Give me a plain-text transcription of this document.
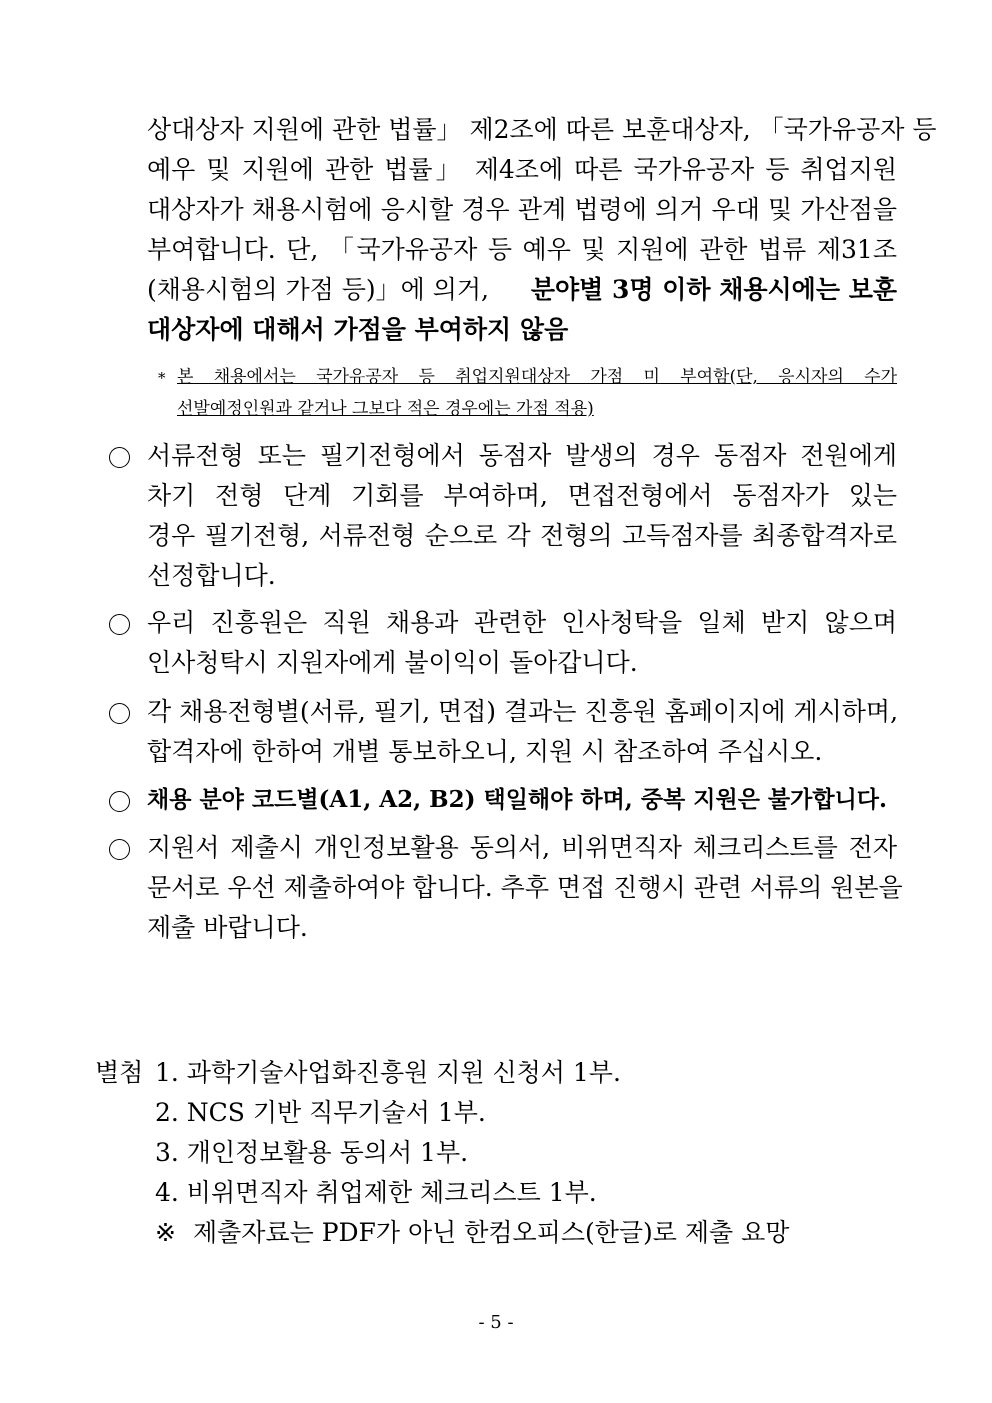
상대상자 지원에 관한 법률」 제2조에 따른 보훈대상자, 「국가유공자 등
예우 및 지원에 관한 법률」 제4조에 따른 국가유공자 등 취업지원
대상자가 채용시험에 응시할 경우 관계 법령에 의거 우대 및 가산점을
부여합니다. 단, 「국가유공자 등 예우 및 지원에 관한 법류 제31조
(채용시험의 가점 등)」에 의거, 분야별 3명 이하 채용시에는 보훈
대상자에 대해서 가점을 부여하지 않음
* 본 채용에서는 국가유공자 등 취업지원대상자 가점 미 부여함(단, 응시자의 수가
선발예정인원과 같거나 그보다 적은 경우에는 가점 적용)
서류전형 또는 필기전형에서 동점자 발생의 경우 동점자 전원에게
차기 전형 단계 기회를 부여하며, 면접전형에서 동점자가 있는
경우 필기전형, 서류전형 순으로 각 전형의 고득점자를 최종합격자로
선정합니다.
우리 진흥원은 직원 채용과 관련한 인사청탁을 일체 받지 않으며
인사청탁시 지원자에게 불이익이 돌아갑니다.
각 채용전형별(서류, 필기, 면접) 결과는 진흥원 홈페이지에 게시하며,
합격자에 한하여 개별 통보하오니, 지원 시 참조하여 주십시오.
채용 분야 코드별(A1, A2, B2) 택일해야 하며, 중복 지원은 불가합니다.
지원서 제출시 개인정보활용 동의서, 비위면직자 체크리스트를 전자
문서로 우선 제출하여야 합니다. 추후 면접 진행시 관련 서류의 원본을
제출 바랍니다.
별첨 1. 과학기술사업화진흥원 지원 신청서 1부.
2. NCS 기반 직무기술서 1부.
3. 개인정보활용 동의서 1부.
4. 비위면직자 취업제한 체크리스트 1부.
※ 제출자료는 PDF가 아닌 한컴오피스(한글)로 제출 요망
- 5 -
